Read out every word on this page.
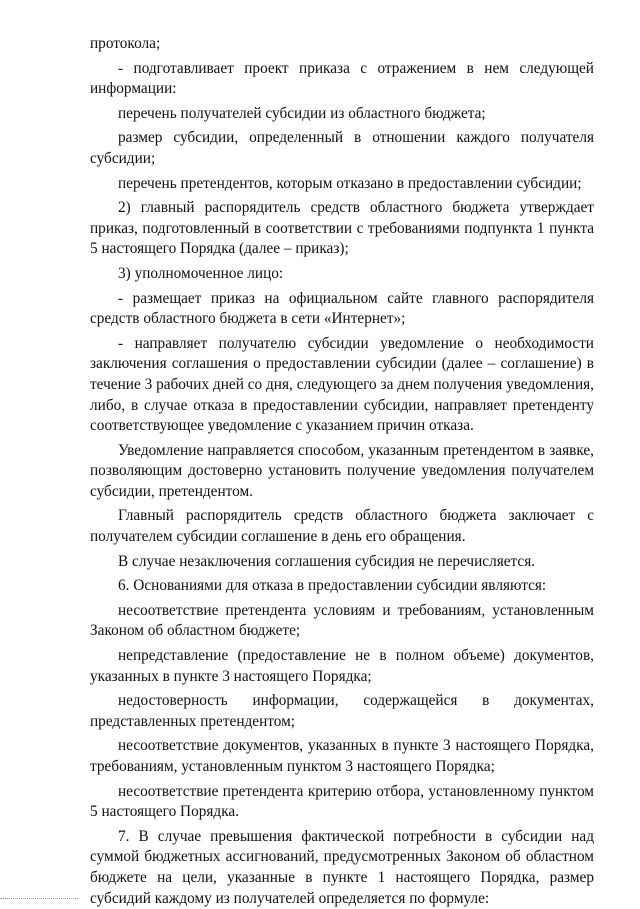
протокола;
- подготавливает проект приказа с отражением в нем следующей
информации:
перечень получателей субсидии из областного бюджета;
размер субсидии, определенный в отношении каждого получателя
субсидии;
перечень претендентов, которым отказано в предоставлении субсидии;
2) главный распорядитель средств областного бюджета утверждает
приказ, подготовленный в соответствии с требованиями подпункта 1 пункта
5 настоящего Порядка (далее – приказ);
3) уполномоченное лицо:
- размещает приказ на официальном сайте главного распорядителя
средств областного бюджета в сети «Интернет»;
- направляет получателю субсидии уведомление о необходимости
заключения соглашения о предоставлении субсидии (далее – соглашение) в
течение 3 рабочих дней со дня, следующего за днем получения уведомления,
либо, в случае отказа в предоставлении субсидии, направляет претенденту
соответствующее уведомление с указанием причин отказа.
Уведомление направляется способом, указанным претендентом в заявке,
позволяющим достоверно установить получение уведомления получателем
субсидии, претендентом.
Главный распорядитель средств областного бюджета заключает с
получателем субсидии соглашение в день его обращения.
В случае незаключения соглашения субсидия не перечисляется.
6. Основаниями для отказа в предоставлении субсидии являются:
несоответствие претендента условиям и требованиям, установленным
Законом об областном бюджете;
непредставление (предоставление не в полном объеме) документов,
указанных в пункте 3 настоящего Порядка;
недостоверность информации, содержащейся в документах,
представленных претендентом;
несоответствие документов, указанных в пункте 3 настоящего Порядка,
требованиям, установленным пунктом 3 настоящего Порядка;
несоответствие претендента критерию отбора, установленному пунктом
5 настоящего Порядка.
7. В случае превышения фактической потребности в субсидии над
суммой бюджетных ассигнований, предусмотренных Законом об областном
бюджете на цели, указанные в пункте 1 настоящего Порядка, размер
субсидий каждому из получателей определяется по формуле:
